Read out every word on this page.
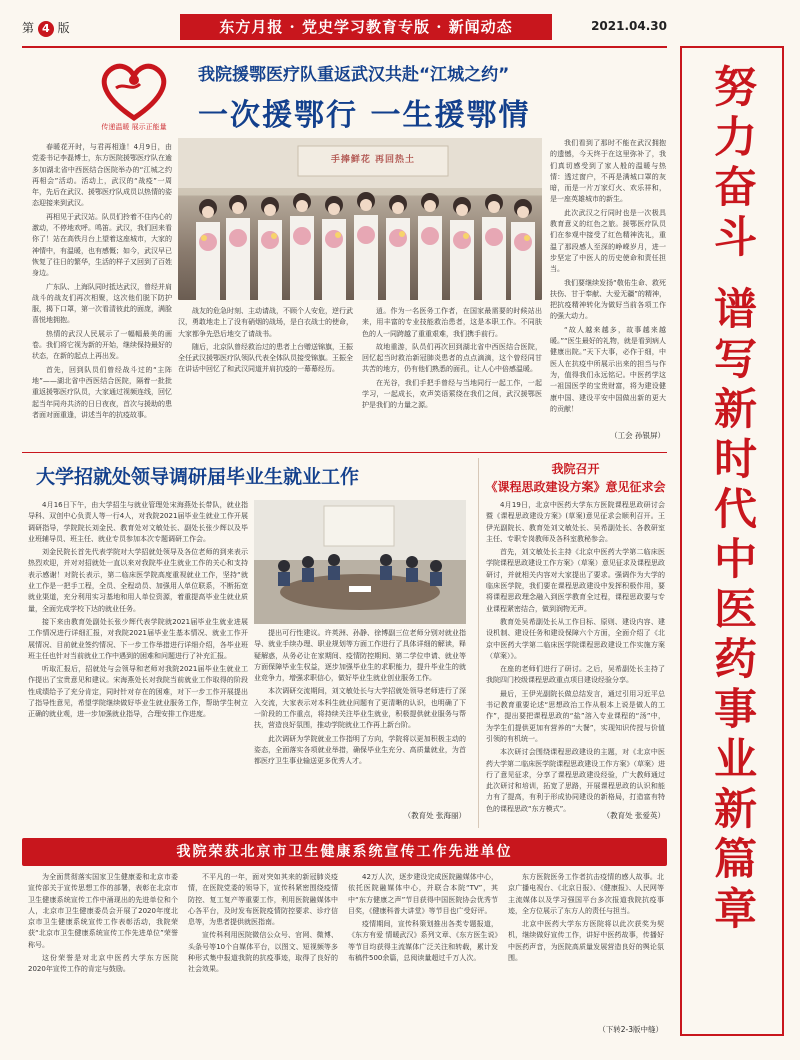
第 4 版	东方月报 · 党史学习教育专版 · 新闻动态	2021.04.30
努力奋斗 谱写新时代中医药事业新篇章
传递温暖 展示正能量
我院援鄂医疗队重返武汉共赴“江城之约”
一次援鄂行 一生援鄂情

春暖花开时，与君再相逢！4月9日，由党委书记李磊博士，东方医院援鄂医疗队在逾多加湖北省中西医结合医院举办的“江城之约再相会”活动。活动上，武汉的“战疫”一周年，先后在武汉、援鄂医疗队成员以热情的姿态迎接来到武汉。

再相见于武汉站。队员们拎着不住内心的激动，不停地欢呼。鸣笛。武汉，我们回来看你了！站在高铁月台上望着这座城市，大家的神情中，有温暖，也有感慨；如今，武汉早已恢复了往日的繁华，生活的样子又回到了百姓身边。

广东队、上海队同时抵达武汉，曾经并肩战斗的战友们再次相聚，这次他们脱下防护服，揭下口罩，第一次看清彼此的面庞，满脸喜悦地拥抱。

热情的武汉人民展示了一幅幅最美的画卷。我们将它视为新的开始，继续保持最好的状态，在新的起点上再出发。

首先，回到队员们曾经战斗过的“主阵地”——湖北省中西医结合医院，隔着一批批重返援鄂医疗队员，大家通过视频连线，回忆起当年同舟共济的日日夜夜，首次与援助的患者面对面重逢，讲述当年的抗疫故事。

手捧鲜花 再回热土

战友的危急时刻、主动请战，不顾个人安危，逆行武汉，勇敢地走上了没有硝烟的战场，是白衣战士的使命，大家都争先恐后地交了请战书。

随后，北京队曾经救治过的患者上台赠送锦旗，王振全任武汉援鄂医疗队领队代表全体队员接受锦旗。王振全在讲话中回忆了和武汉同道并肩抗疫的一幕幕经历。

逍。作为一名医务工作者，在国家最需要的时候站出来，用丰富的专业技能救治患者，这是本职工作。不同肤色的人一同跨越了重重艰难，我们携手前行。

故地重游，队员们再次回到湖北省中西医结合医院，回忆起当时救治新冠肺炎患者的点点滴滴，这个曾经同甘共苦的地方，仍有他们熟悉的面孔，让人心中倍感温暖。

在光谷，我们手把手曾经与当地同行一起工作，一起学习，一起成长，欢声笑语萦绕在我们之间，武汉援鄂医护是我们的力量之源。

我们看到了那时不能在武汉拥抱的遗憾，今天终于在这里弥补了，我们真切感受到了家人般的温暖与热情：透过窗户，不再是满城口罩的灰暗，而是一片万家灯火、欢乐祥和，是一座英雄城市的新生。

此次武汉之行同时也是一次极具教育意义的红色之旅。援鄂医疗队员们在参观中接受了红色精神洗礼，重温了那段感人至深的峥嵘岁月，进一步坚定了中医人的历史使命和责任担当。

我们要继续发扬“敬佑生命、救死扶伤、甘于奉献、大爱无疆”的精神，把抗疫精神转化为做好当前各项工作的强大动力。

“故人越来越多，故事越来越暖。”“医生最好的礼物，就是看到病人健康出院。”天下大事，必作于细，中医人在抗疫中所展示出来的担当与作为，值得我们永远铭记。中医药学这一祖国医学的宝贵财富，将为建设健康中国、建设平安中国做出新的更大的贡献！

（工会 孙银屏）
大学招就处领导调研届毕业生就业工作

4月16日下午，由大学招生与就业管理处宋海燕处长带队，就业指导科、双创中心负责人等一行4人，对我院2021届毕业生就业工作开展调研指导，学院院长刘金民、教育处对文敏处长、副处长张少辉以及毕业班辅导员、班主任、就业专员参加本次专题调研工作会。

刘金民院长首先代表学院对大学招就处领导及各位老师的到来表示热烈欢迎，并对对招就处一直以来对我院毕业生就业工作的关心和支持表示感谢！对院长表示，第二临床医学院高度重视就业工作，坚持“就业工作是一把手工程，全员、全程动员、加强用人单位联系，不断拓宽就业渠道，充分利用实习基地和用人单位资源，着重提高毕业生就业质量，全面完成学校下达的就业任务。

接下来由教育处副处长张少辉代表学院就2021届毕业生就业进展工作情况进行详细汇报，对我院2021届毕业生基本情况、就业工作开展情况、目前就业签约情况、下一步工作举措进行详细介绍，各毕业班班主任也针对当前就业工作中遇到的困难和问题进行了补充汇报。

听取汇报后，招就处与会领导和老师对我院2021届毕业生就业工作提出了宝贵意见和建议。宋海燕处长对我院当前就业工作取得的阶段性成绩给予了充分肯定，同时针对存在的困难，对下一步工作开展提出了指导性意见，希望学院继续做好毕业生就业服务工作，帮助学生树立正确的就业观，进一步加强就业指导，合理安排工作进度。

提出可行性建议。许英洲、孙静、徐博副三位老师分别对就业指导、就业手续办理、职业规划等方面工作进行了具体详细的解读，释疑解惑，从务必让在家期间、疫情防控期间、第二学位申请、就业等方面保障毕业生权益，逐步加强毕业生的求职能力，提升毕业生的就业竞争力，增强求职信心，做好毕业生就业创业服务工作。

本次调研交流期间，刘文敏处长与大学招就处领导老师进行了深入交流，大家表示对本科生就业问题有了更清晰的认识，也明确了下一阶段的工作重点，将持续关注毕业生就业，积极提供就业服务与帮扶，营造良好氛围，推动学院就业工作再上新台阶。

此次调研为学院就业工作指明了方向，学院将以更加积极主动的姿态，全面落实各项就业举措，确保毕业生充分、高质量就业，为首都医疗卫生事业输送更多优秀人才。

（教育处 张海丽）
我院召开
《课程思政建设方案》意见征求会

4月19日，北京中医药大学东方医院课程思政研讨会暨《课程思政建设方案》(草案)意见征求会顺利召开。王伊光副院长、教育处刘文敏处长、吴希副处长、各教研室主任、专职专岗教师及各科室教秘参会。

首先，刘文敏处长主持《北京中医药大学第二临床医学院课程思政建设工作方案》（草案）意见征求及课程思政研讨，并就相关内容对大家提出了要求。强调作为大学的临床医学院，我们要在课程思政建设中发挥积极作用，要将课程思政理念融入到医学教育全过程，课程思政要与专业课程紧密结合，做到润物无声。

教育处吴希副处长从工作目标、原则、建设内容、建设机制、建设任务和建设保障六个方面，全面介绍了《北京中医药大学第二临床医学院课程思政建设工作实施方案（草案）》。

在座的老师们进行了研讨。之后，吴希副处长主持了我院四门校级课程思政重点项目建设经验分享。

最后，王伊光副院长做总结发言，通过引用习近平总书记教育重要论述“思想政治工作从根本上说是做人的工作”，提出要把课程思政的“盐”溶入专业课程的“汤”中，为学生们提供更加有营养的“大餐”，实现知识传授与价值引领的有机统一。

本次研讨会围绕课程思政建设的主题，对《北京中医药大学第二临床医学院课程思政建设工作方案》（草案）进行了意见征求，分享了课程思政建设经验，广大教师通过此次研讨和培训，拓宽了思路，开展课程思政的认识和能力有了提高，有利于形成协同建设的新格局，打造富有特色的课程思政“东方模式”。

（教育处 张爱英）
我院荣获北京市卫生健康系统宣传工作先进单位

为全面贯彻落实国家卫生健康委和北京市委宣传部关于宣传思想工作的部署，表彰在北京市卫生健康系统宣传工作中涌现出的先进单位和个人，北京市卫生健康委员会开展了2020年度北京市卫生健康系统宣传工作表彰活动，我院荣获“北京市卫生健康系统宣传工作先进单位”荣誉称号。

这份荣誉是对北京中医药大学东方医院2020年宣传工作的肯定与鼓励。

不平凡的一年，面对突如其来的新冠肺炎疫情，在医院党委的领导下，宣传科紧密围绕疫情防控、复工复产等重要工作，利用医院融媒体中心各平台，及时发布医院疫情防控要求、诊疗信息等，为患者提供就医指南。

宣传科利用医院微信公众号、官网、微博、头条号等10个自媒体平台，以图文、短视频等多种形式集中报道我院的抗疫事迹，取得了良好的社会效果。

42万人次，逐步建设完成医院融媒体中心，依托医院融媒体中心，并联合本院“TV”，其中“东方健康之声”节目获得中国医院协会优秀节目奖，《健康科普大讲堂》等节目也广受好评。

疫情期间，宣传科策划推出各类专题报道，《东方有爱 情暖武汉》系列文章、《东方医生说》等节目均获得主流媒体广泛关注和转载，累计发布稿件500余篇，总阅读量超过千万人次。

东方医院医务工作者抗击疫情的感人故事。北京广播电视台、《北京日报》、《健康报》、人民网等主流媒体以及学习强国平台多次报道我院抗疫事迹，全方位展示了东方人的责任与担当。

北京中医药大学东方医院将以此次获奖为契机，继续做好宣传工作，讲好中医药故事，传播好中医药声音，为医院高质量发展营造良好的舆论氛围。

（下转2-3版中缝）
